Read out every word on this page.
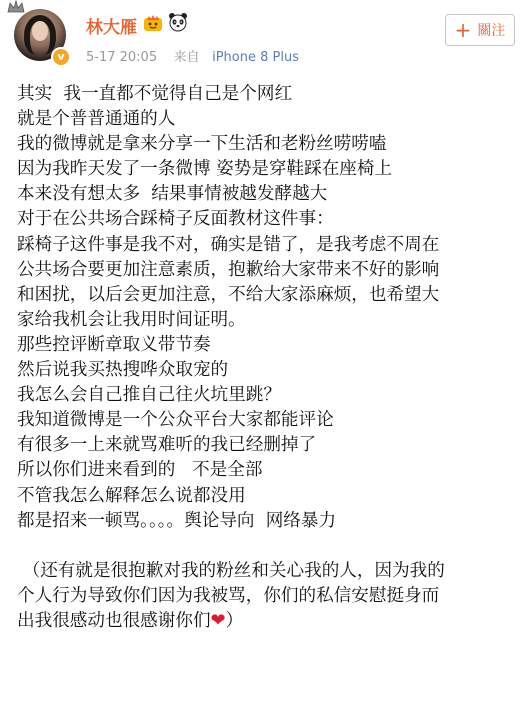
v
林大雁
5-17 20:05 来自 iPhone 8 Plus
+ 關注

其实  我一直都不觉得自己是个网红

就是个普普通通的人

我的微博就是拿来分享一下生活和老粉丝唠唠嗑

因为我昨天发了一条微博 姿势是穿鞋踩在座椅上

本来没有想太多  结果事情被越发酵越大

对于在公共场合踩椅子反面教材这件事：

踩椅子这件事是我不对，确实是错了，是我考虑不周在

公共场合要更加注意素质，抱歉给大家带来不好的影响

和困扰，以后会更加注意，不给大家添麻烦，也希望大

家给我机会让我用时间证明。

那些控评断章取义带节奏

然后说我买热搜哗众取宠的

我怎么会自己推自己往火坑里跳？

我知道微博是一个公众平台大家都能评论

有很多一上来就骂难听的我已经删掉了

所以你们进来看到的   不是全部

不管我怎么解释怎么说都没用

都是招来一顿骂。。。。舆论导向  网络暴力

（还有就是很抱歉对我的粉丝和关心我的人，因为我的

个人行为导致你们因为我被骂，你们的私信安慰挺身而

出我很感动也很感谢你们❤）
